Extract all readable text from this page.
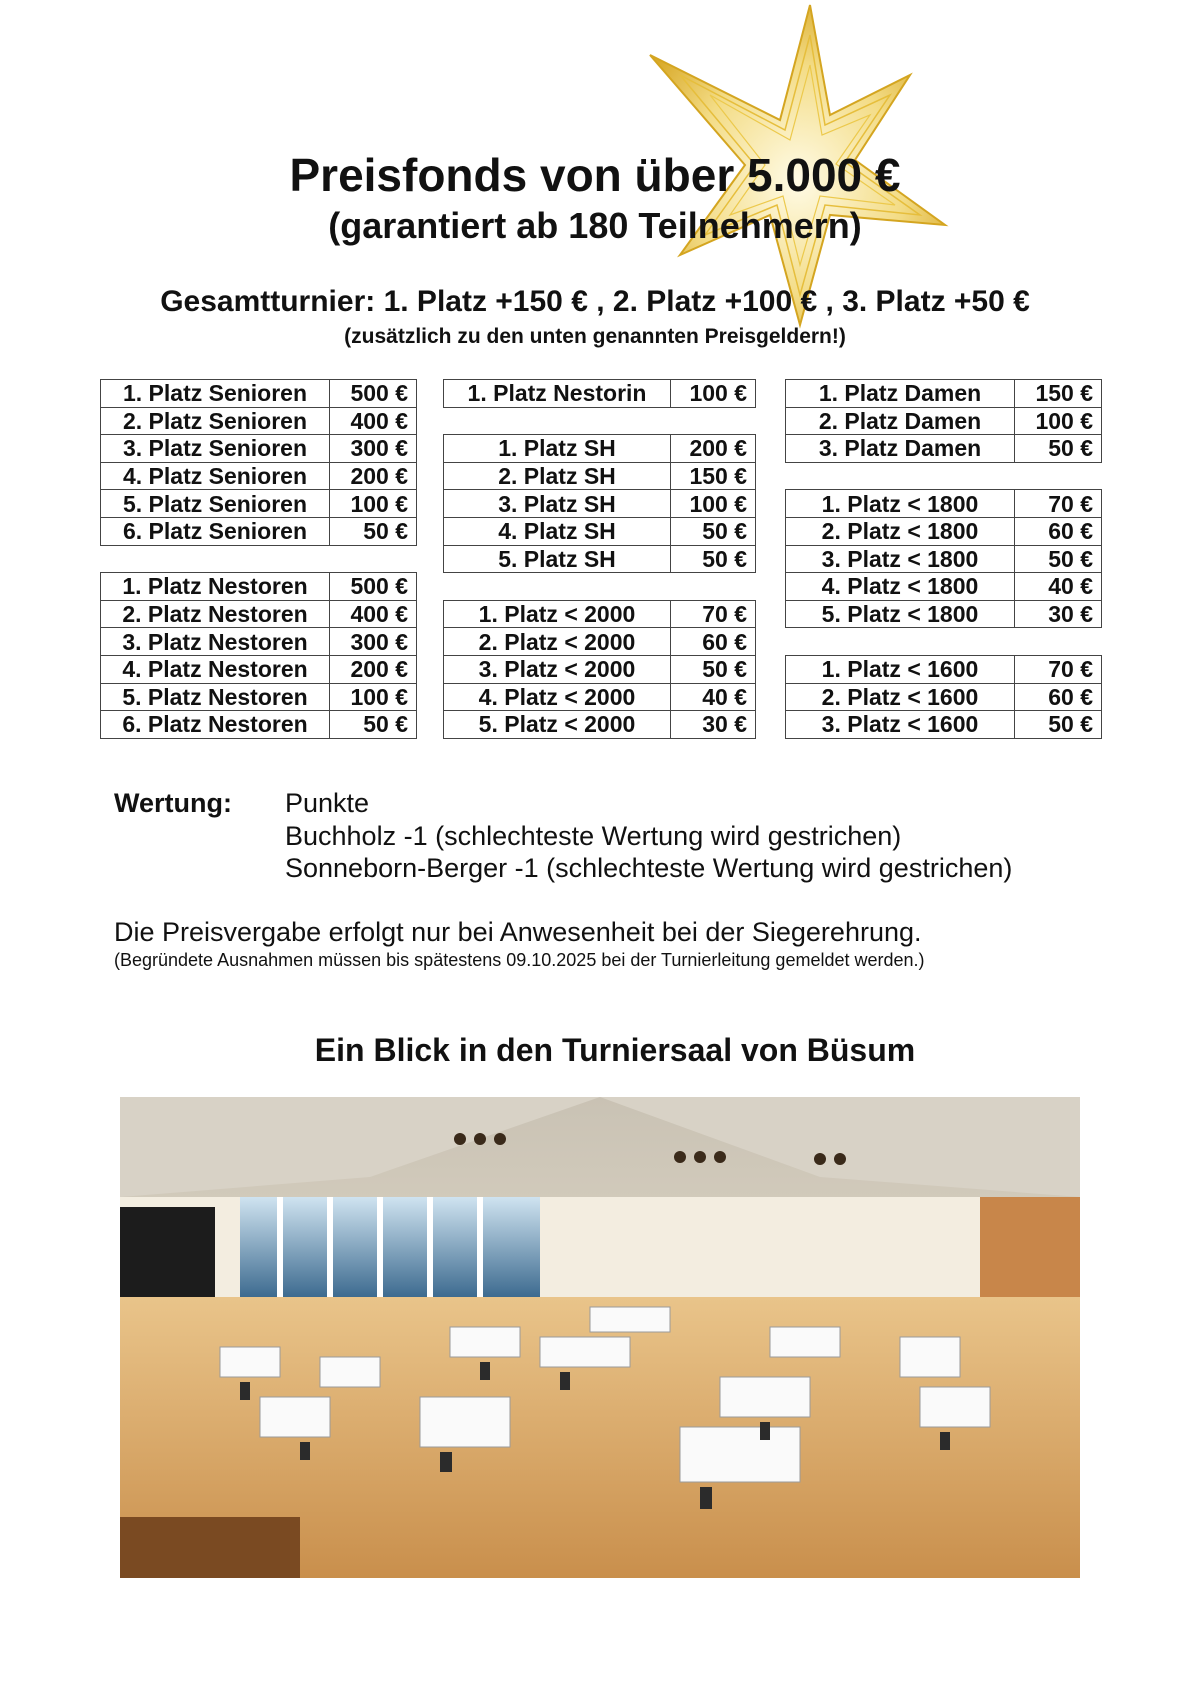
Preisfonds von über 5.000 €
(garantiert ab 180 Teilnehmern)
Gesamtturnier: 1. Platz +150 € , 2. Platz +100 € , 3. Platz +50 €
(zusätzlich zu den unten genannten Preisgeldern!)
1. Platz Senioren	500 €
2. Platz Senioren	400 €
3. Platz Senioren	300 €
4. Platz Senioren	200 €
5. Platz Senioren	100 €
6. Platz Senioren	50 €

1. Platz Nestoren	500 €
2. Platz Nestoren	400 €
3. Platz Nestoren	300 €
4. Platz Nestoren	200 €
5. Platz Nestoren	100 €
6. Platz Nestoren	50 €
1. Platz Nestorin	100 €

1. Platz SH	200 €
2. Platz SH	150 €
3. Platz SH	100 €
4. Platz SH	50 €
5. Platz SH	50 €

1. Platz < 2000	70 €
2. Platz < 2000	60 €
3. Platz < 2000	50 €
4. Platz < 2000	40 €
5. Platz < 2000	30 €
1. Platz Damen	150 €
2. Platz Damen	100 €
3. Platz Damen	50 €

1. Platz < 1800	70 €
2. Platz < 1800	60 €
3. Platz < 1800	50 €
4. Platz < 1800	40 €
5. Platz < 1800	30 €

1. Platz < 1600	70 €
2. Platz < 1600	60 €
3. Platz < 1600	50 €
Wertung: Punkte
Buchholz -1 (schlechteste Wertung wird gestrichen)
Sonneborn-Berger -1 (schlechteste Wertung wird gestrichen)
Die Preisvergabe erfolgt nur bei Anwesenheit bei der Siegerehrung.
(Begründete Ausnahmen müssen bis spätestens 09.10.2025 bei der Turnierleitung gemeldet werden.)
Ein Blick in den Turniersaal von Büsum
